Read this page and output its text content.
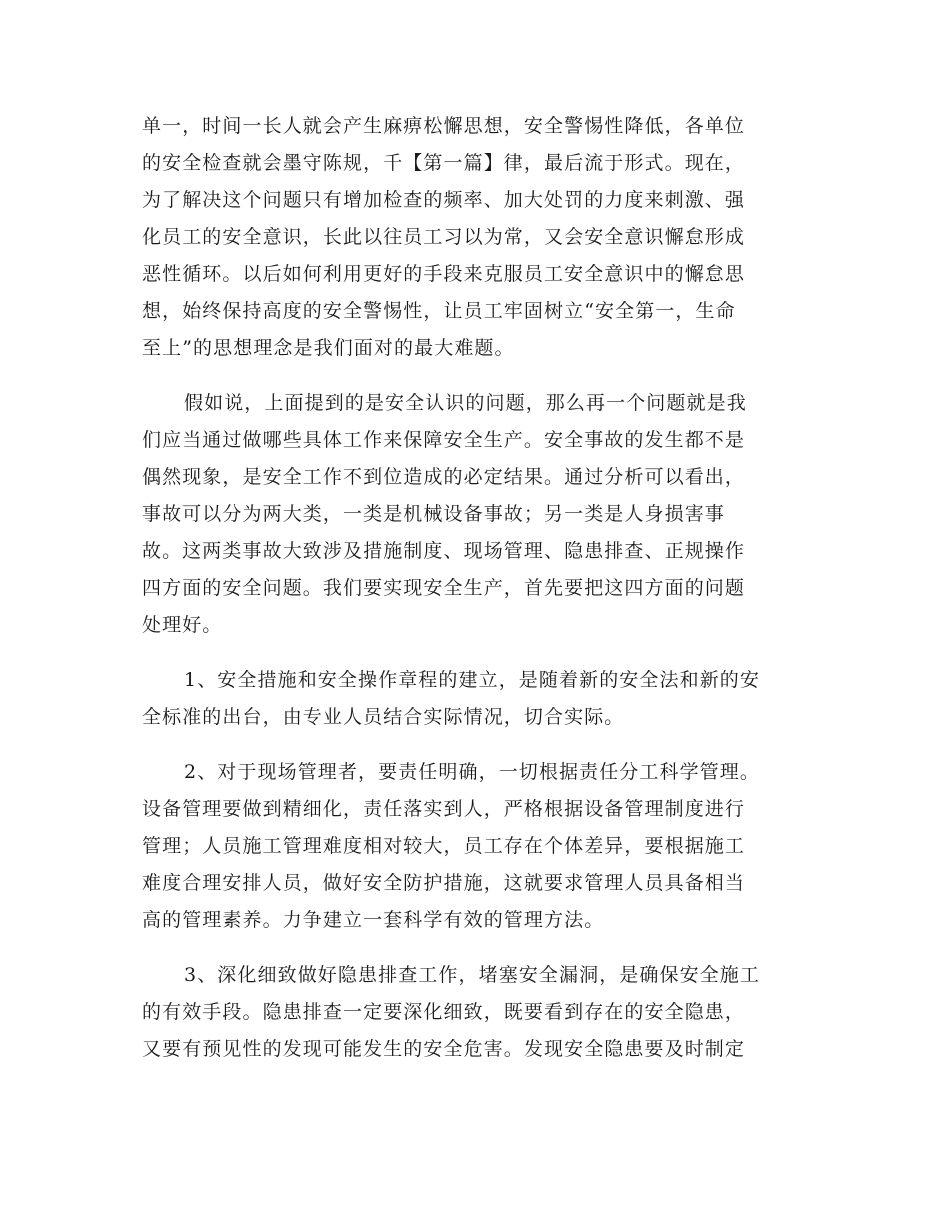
单一，时间一长人就会产生麻痹松懈思想，安全警惕性降低，各单位
的安全检查就会墨守陈规，千【第一篇】律，最后流于形式。现在，
为了解决这个问题只有增加检查的频率、加大处罚的力度来刺激、强
化员工的安全意识，长此以往员工习以为常，又会安全意识懈怠形成
恶性循环。以后如何利用更好的手段来克服员工安全意识中的懈怠思
想，始终保持高度的安全警惕性，让员工牢固树立“安全第一，生命
至上”的思想理念是我们面对的最大难题。

假如说，上面提到的是安全认识的问题，那么再一个问题就是我
们应当通过做哪些具体工作来保障安全生产。安全事故的发生都不是
偶然现象，是安全工作不到位造成的必定结果。通过分析可以看出，
事故可以分为两大类，一类是机械设备事故；另一类是人身损害事
故。这两类事故大致涉及措施制度、现场管理、隐患排查、正规操作
四方面的安全问题。我们要实现安全生产，首先要把这四方面的问题
处理好。

1、安全措施和安全操作章程的建立，是随着新的安全法和新的安
全标准的出台，由专业人员结合实际情况，切合实际。

2、对于现场管理者，要责任明确，一切根据责任分工科学管理。
设备管理要做到精细化，责任落实到人，严格根据设备管理制度进行
管理；人员施工管理难度相对较大，员工存在个体差异，要根据施工
难度合理安排人员，做好安全防护措施，这就要求管理人员具备相当
高的管理素养。力争建立一套科学有效的管理方法。

3、深化细致做好隐患排查工作，堵塞安全漏洞，是确保安全施工
的有效手段。隐患排查一定要深化细致，既要看到存在的安全隐患，
又要有预见性的发现可能发生的安全危害。发现安全隐患要及时制定
